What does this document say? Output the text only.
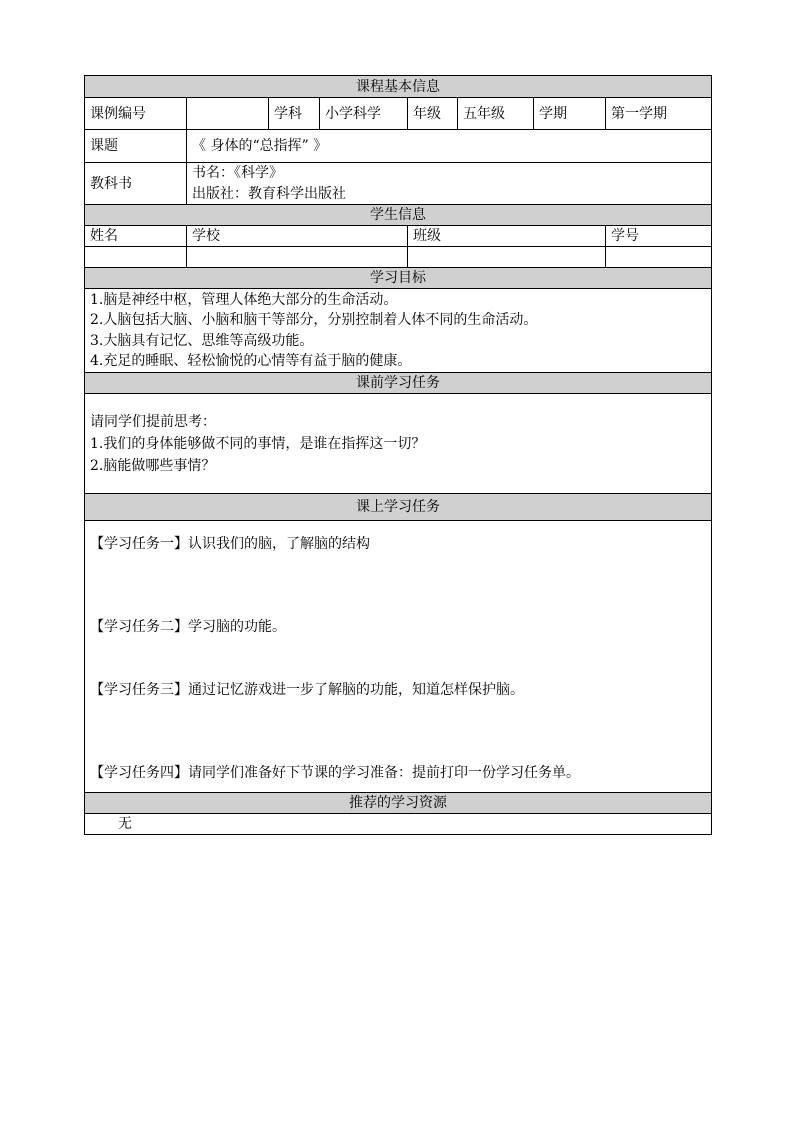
课程基本信息							
课例编号		学科	小学科学	年级	五年级	学期	第一学期
课题	《 身体的“总指挥” 》						
教科书	书名：《科学》
出版社：教育科学出版社						

学生信息							
姓名	学校			班级			学号

学习目标							

1.脑是神经中枢，管理人体绝大部分的生命活动。
2.人脑包括大脑、小脑和脑干等部分，分别控制着人体不同的生命活动。
3.大脑具有记忆、思维等高级功能。
4.充足的睡眠、轻松愉悦的心情等有益于脑的健康。							

课前学习任务							

请同学们提前思考：
1.我们的身体能够做不同的事情，是谁在指挥这一切？
2.脑能做哪些事情？							

课上学习任务							

【学习任务一】认识我们的脑，了解脑的结构
【学习任务二】学习脑的功能。
【学习任务三】通过记忆游戏进一步了解脑的功能，知道怎样保护脑。
【学习任务四】请同学们准备好下节课的学习准备：提前打印一份学习任务单。							

推荐的学习资源							
无							
